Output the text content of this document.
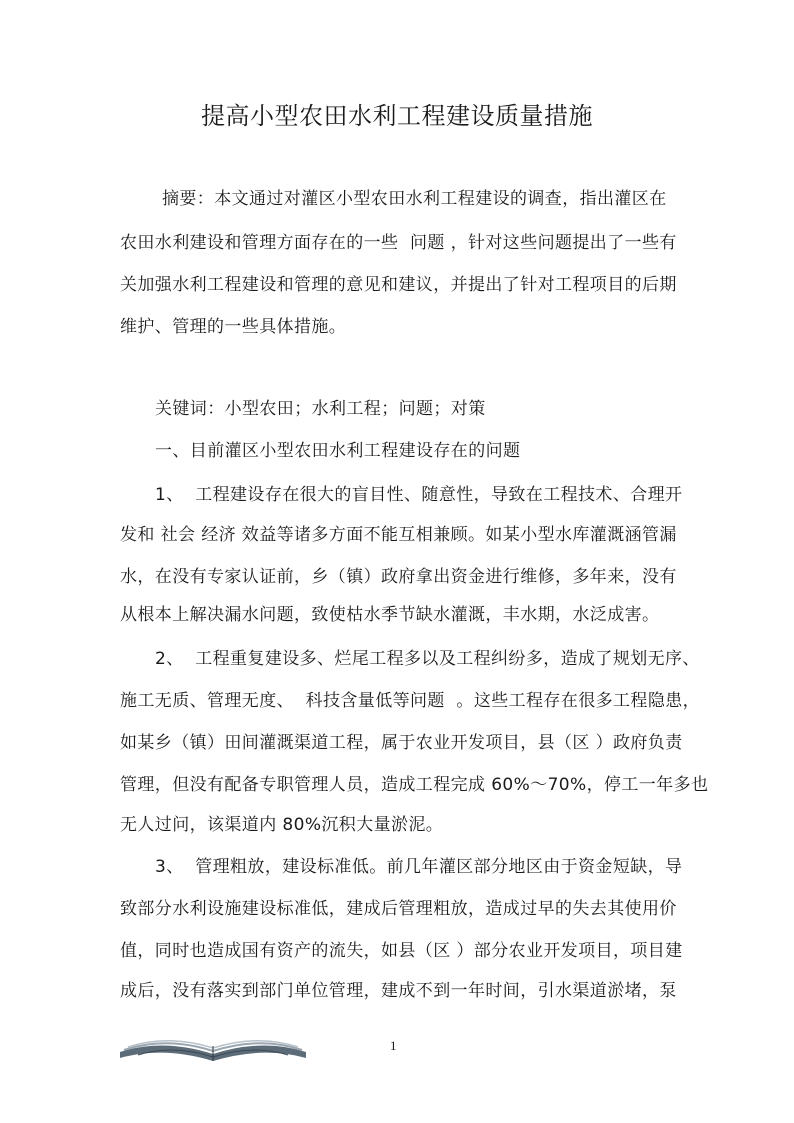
提高小型农田水利工程建设质量措施
摘要：本文通过对灌区小型农田水利工程建设的调查，指出灌区在
农田水利建设和管理方面存在的一些  问题 ，针对这些问题提出了一些有
关加强水利工程建设和管理的意见和建议，并提出了针对工程项目的后期
维护、管理的一些具体措施。
关键词：小型农田；水利工程；问题；对策
一、目前灌区小型农田水利工程建设存在的问题
1、  工程建设存在很大的盲目性、随意性，导致在工程技术、合理开
发和 社会 经济 效益等诸多方面不能互相兼顾。如某小型水库灌溉涵管漏
水，在没有专家认证前，乡（镇）政府拿出资金进行维修，多年来，没有
从根本上解决漏水问题，致使枯水季节缺水灌溉，丰水期，水泛成害。
2、  工程重复建设多、烂尾工程多以及工程纠纷多，造成了规划无序、
施工无质、管理无度、  科技含量低等问题  。这些工程存在很多工程隐患，
如某乡（镇）田间灌溉渠道工程，属于农业开发项目，县（区 ）政府负责
管理，但没有配备专职管理人员，造成工程完成 60%～70%，停工一年多也
无人过问，该渠道内 80%沉积大量淤泥。
3、  管理粗放，建设标准低。前几年灌区部分地区由于资金短缺，导
致部分水利设施建设标准低，建成后管理粗放，造成过早的失去其使用价
值，同时也造成国有资产的流失，如县（区 ）部分农业开发项目，项目建
成后，没有落实到部门单位管理，建成不到一年时间，引水渠道淤堵，泵
1
